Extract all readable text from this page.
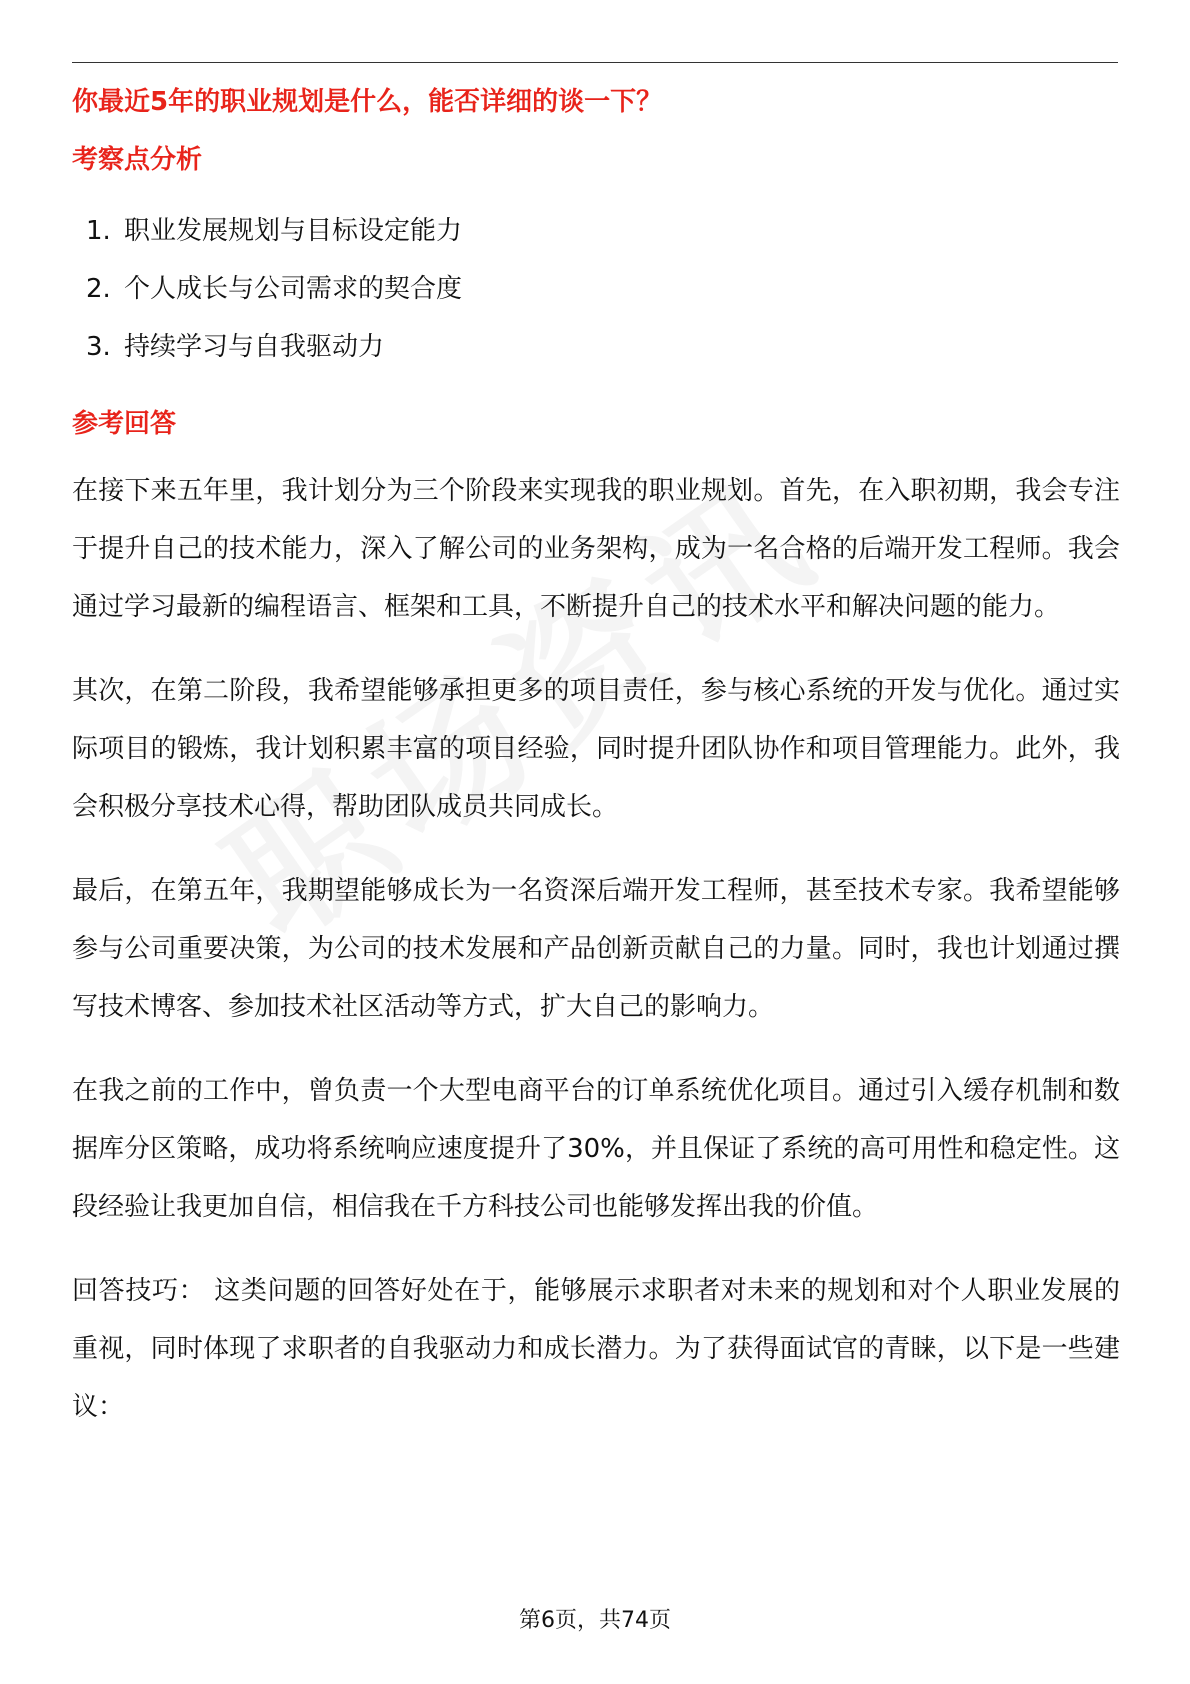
你最近5年的职业规划是什么，能否详细的谈一下？
考察点分析
1. 职业发展规划与目标设定能力
2. 个人成长与公司需求的契合度
3. 持续学习与自我驱动力
参考回答

在接下来五年里，我计划分为三个阶段来实现我的职业规划。首先，在入职初期，我会专注于提升自己的技术能力，深入了解公司的业务架构，成为一名合格的后端开发工程师。我会通过学习最新的编程语言、框架和工具，不断提升自己的技术水平和解决问题的能力。

其次，在第二阶段，我希望能够承担更多的项目责任，参与核心系统的开发与优化。通过实际项目的锻炼，我计划积累丰富的项目经验，同时提升团队协作和项目管理能力。此外，我会积极分享技术心得，帮助团队成员共同成长。

最后，在第五年，我期望能够成长为一名资深后端开发工程师，甚至技术专家。我希望能够参与公司重要决策，为公司的技术发展和产品创新贡献自己的力量。同时，我也计划通过撰写技术博客、参加技术社区活动等方式，扩大自己的影响力。

在我之前的工作中，曾负责一个大型电商平台的订单系统优化项目。通过引入缓存机制和数据库分区策略，成功将系统响应速度提升了30%，并且保证了系统的高可用性和稳定性。这段经验让我更加自信，相信我在千方科技公司也能够发挥出我的价值。

回答技巧： 这类问题的回答好处在于，能够展示求职者对未来的规划和对个人职业发展的重视，同时体现了求职者的自我驱动力和成长潜力。为了获得面试官的青睐，以下是一些建议：

第6页，共74页
